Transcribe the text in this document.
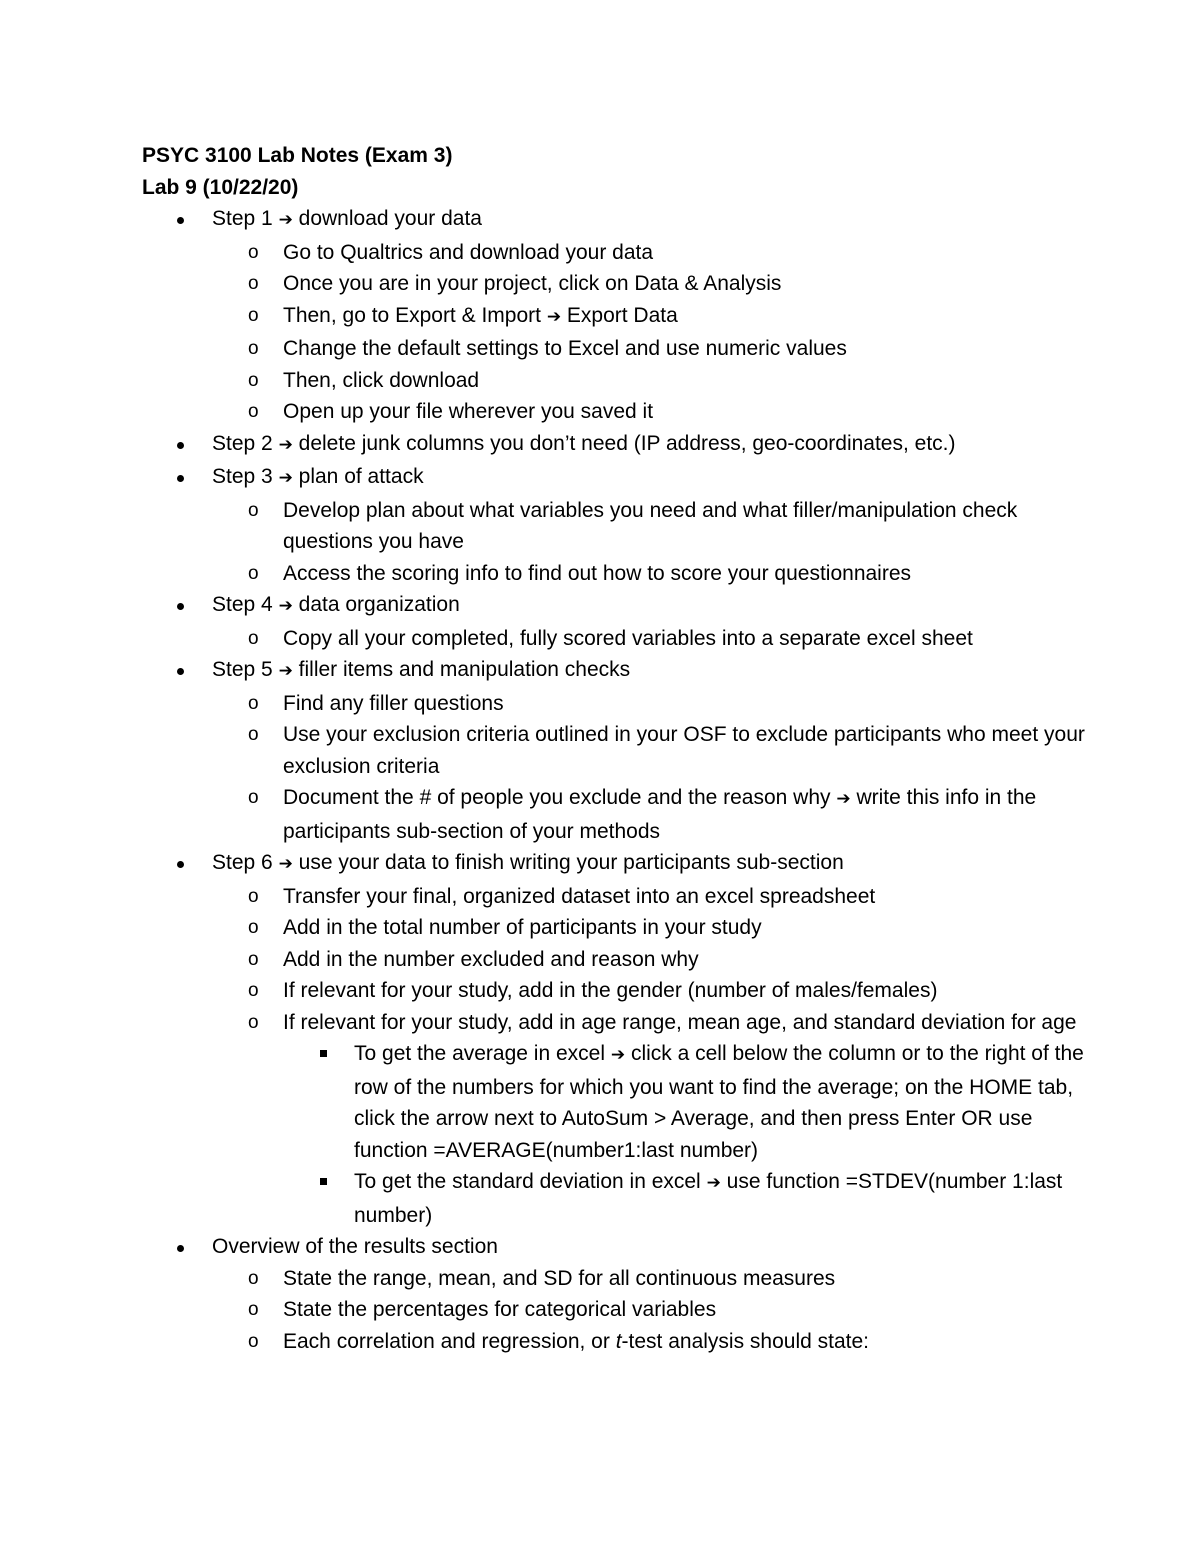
PSYC 3100 Lab Notes (Exam 3)
Lab 9 (10/22/20)
Step 1 ➔ download your data
o Go to Qualtrics and download your data
o Once you are in your project, click on Data & Analysis
o Then, go to Export & Import ➔ Export Data
o Change the default settings to Excel and use numeric values
o Then, click download
o Open up your file wherever you saved it
Step 2 ➔ delete junk columns you don’t need (IP address, geo-coordinates, etc.)
Step 3 ➔ plan of attack
o Develop plan about what variables you need and what filler/manipulation check questions you have
o Access the scoring info to find out how to score your questionnaires
Step 4 ➔ data organization
o Copy all your completed, fully scored variables into a separate excel sheet
Step 5 ➔ filler items and manipulation checks
o Find any filler questions
o Use your exclusion criteria outlined in your OSF to exclude participants who meet your exclusion criteria
o Document the # of people you exclude and the reason why ➔ write this info in the participants sub-section of your methods
Step 6 ➔ use your data to finish writing your participants sub-section
o Transfer your final, organized dataset into an excel spreadsheet
o Add in the total number of participants in your study
o Add in the number excluded and reason why
o If relevant for your study, add in the gender (number of males/females)
o If relevant for your study, add in age range, mean age, and standard deviation for age
To get the average in excel ➔ click a cell below the column or to the right of the row of the numbers for which you want to find the average; on the HOME tab, click the arrow next to AutoSum > Average, and then press Enter OR use function =AVERAGE(number1:last number)
To get the standard deviation in excel ➔ use function =STDEV(number 1:last number)
Overview of the results section
o State the range, mean, and SD for all continuous measures
o State the percentages for categorical variables
o Each correlation and regression, or t-test analysis should state:
